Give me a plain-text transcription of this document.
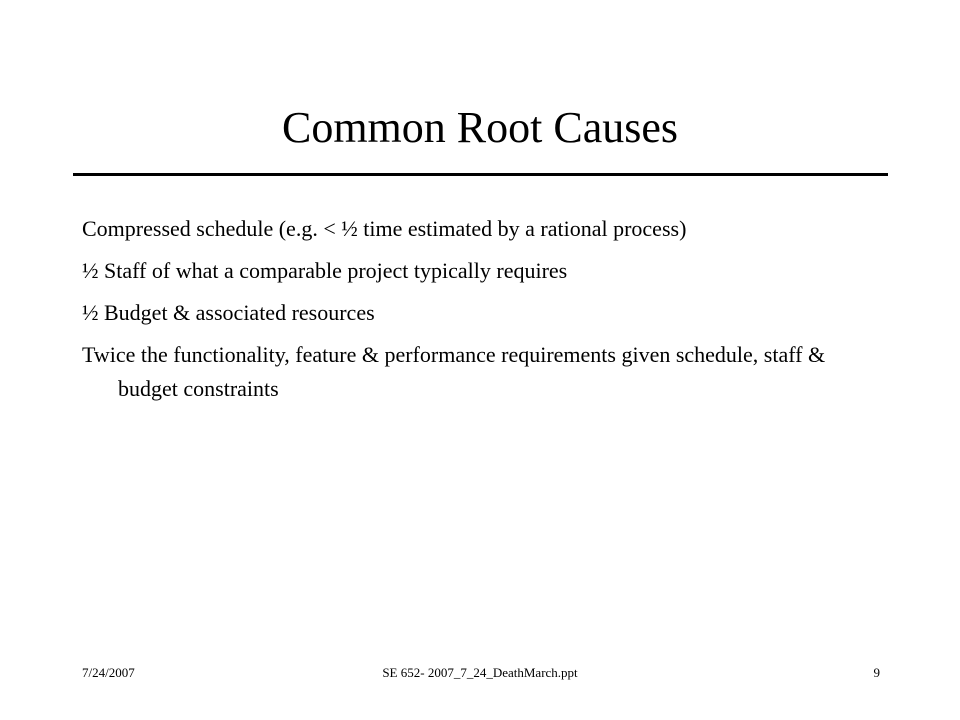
Common Root Causes
Compressed schedule (e.g. < ½ time estimated by a rational process)
½ Staff of what a comparable project typically requires
½ Budget & associated resources
Twice the functionality, feature & performance requirements given schedule, staff & budget constraints
7/24/2007	SE 652- 2007_7_24_DeathMarch.ppt	9
